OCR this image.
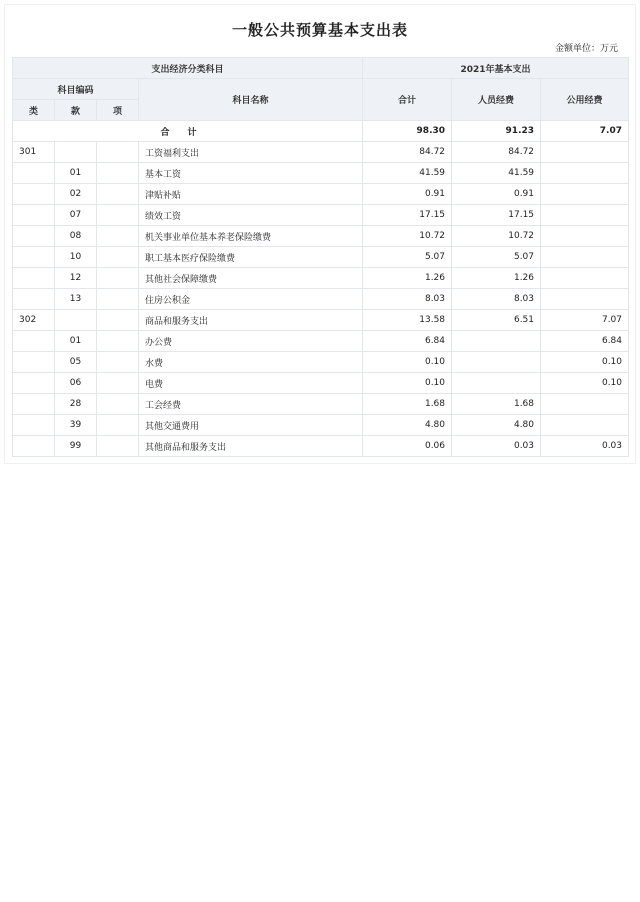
一般公共预算基本支出表
金额单位：万元
支出经济分类科目				2021年基本支出		
科目编码			科目名称	合计	人员经费	公用经费
类	款	项				
合计				98.30	91.23	7.07
301			工资福利支出	84.72	84.72	
	01		基本工资	41.59	41.59	
	02		津贴补贴	0.91	0.91	
	07		绩效工资	17.15	17.15	
	08		机关事业单位基本养老保险缴费	10.72	10.72	
	10		职工基本医疗保险缴费	5.07	5.07	
	12		其他社会保障缴费	1.26	1.26	
	13		住房公积金	8.03	8.03	
302			商品和服务支出	13.58	6.51	7.07
	01		办公费	6.84		6.84
	05		水费	0.10		0.10
	06		电费	0.10		0.10
	28		工会经费	1.68	1.68	
	39		其他交通费用	4.80	4.80	
	99		其他商品和服务支出	0.06	0.03	0.03
